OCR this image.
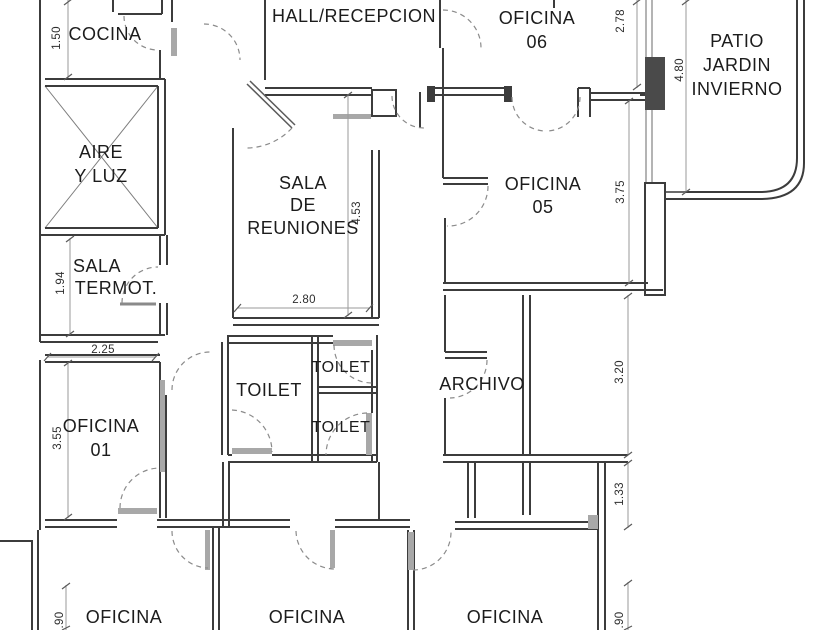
COCINA
HALL/RECEPCION	OFICINA
06	PATIO
JARDIN
INVIERNO
AIRE
Y LUZ	SALA
DE
REUNIONES
OFICINA
05
SALA
TERMOT.
TOILET
TOILET
TOILET
ARCHIVO
OFICINA
01
OFICINA	OFICINA	OFICINA
1.50
2.78
4.80
3.75
4.53
2.80
1.94
2.25
3.55
3.20
1.33
.90	.90
